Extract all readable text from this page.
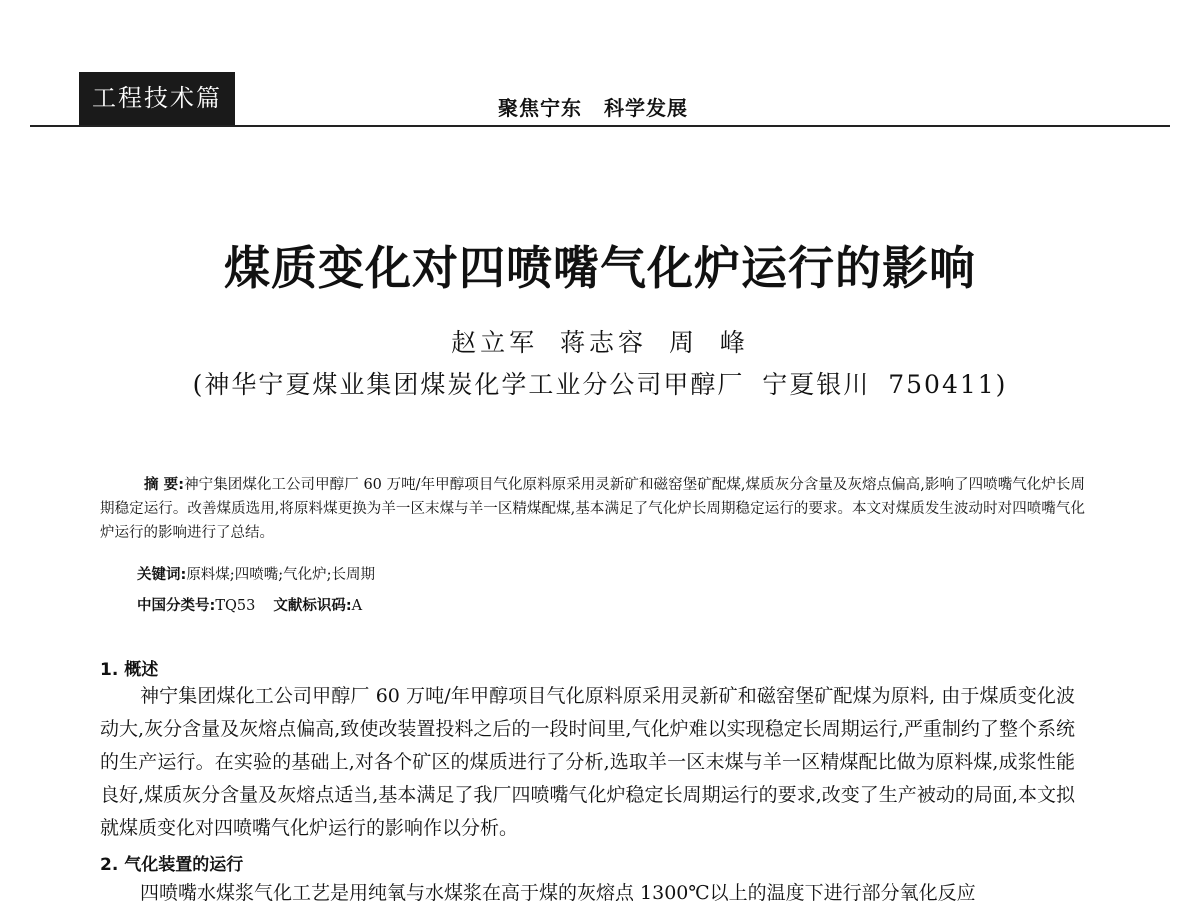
工程技术篇	聚焦宁东 科学发展
煤质变化对四喷嘴气化炉运行的影响
赵立军 蒋志容 周 峰
(神华宁夏煤业集团煤炭化学工业分公司甲醇厂 宁夏银川 750411)
摘 要:神宁集团煤化工公司甲醇厂 60 万吨/年甲醇项目气化原料原采用灵新矿和磁窑堡矿配煤,煤质灰分含量及灰熔点偏高,影响了四喷嘴气化炉长周期稳定运行。改善煤质选用,将原料煤更换为羊一区末煤与羊一区精煤配煤,基本满足了气化炉长周期稳定运行的要求。本文对煤质发生波动时对四喷嘴气化炉运行的影响进行了总结。
关键词:原料煤;四喷嘴;气化炉;长周期
中国分类号:TQ53 文献标识码:A
1. 概述
神宁集团煤化工公司甲醇厂 60 万吨/年甲醇项目气化原料原采用灵新矿和磁窑堡矿配煤为原料, 由于煤质变化波动大,灰分含量及灰熔点偏高,致使改装置投料之后的一段时间里,气化炉难以实现稳定长周期运行,严重制约了整个系统的生产运行。在实验的基础上,对各个矿区的煤质进行了分析,选取羊一区末煤与羊一区精煤配比做为原料煤,成浆性能良好,煤质灰分含量及灰熔点适当,基本满足了我厂四喷嘴气化炉稳定长周期运行的要求,改变了生产被动的局面,本文拟就煤质变化对四喷嘴气化炉运行的影响作以分析。
2. 气化装置的运行
四喷嘴水煤浆气化工艺是用纯氧与水煤浆在高于煤的灰熔点 1300℃以上的温度下进行部分氧化反应
